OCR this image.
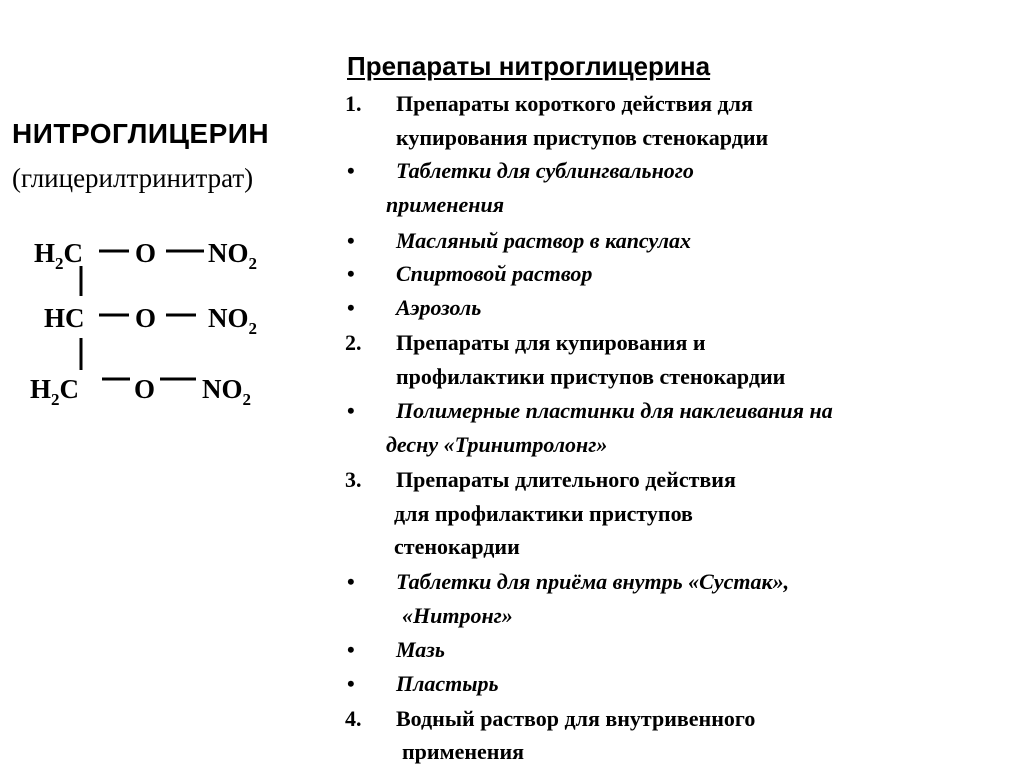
НИТРОГЛИЦЕРИН
(глицерилтринитрат)
$H_2C$ O $NO_2$
HC O $NO_2$
$H_2C$ O $NO_2$
Препараты нитроглицерина
1. Препараты короткого действия для
купирования приступов стенокардии
• Таблетки для сублингвального
применения
• Масляный раствор в капсулах
• Спиртовой раствор
• Аэрозоль
2. Препараты для купирования и
профилактики приступов стенокардии
• Полимерные пластинки для наклеивания на
десну «Тринитролонг»
3. Препараты длительного действия
для профилактики приступов
стенокардии
• Таблетки для приёма внутрь «Сустак»,
«Нитронг»
• Мазь
• Пластырь
4. Водный раствор для внутривенного
применения
